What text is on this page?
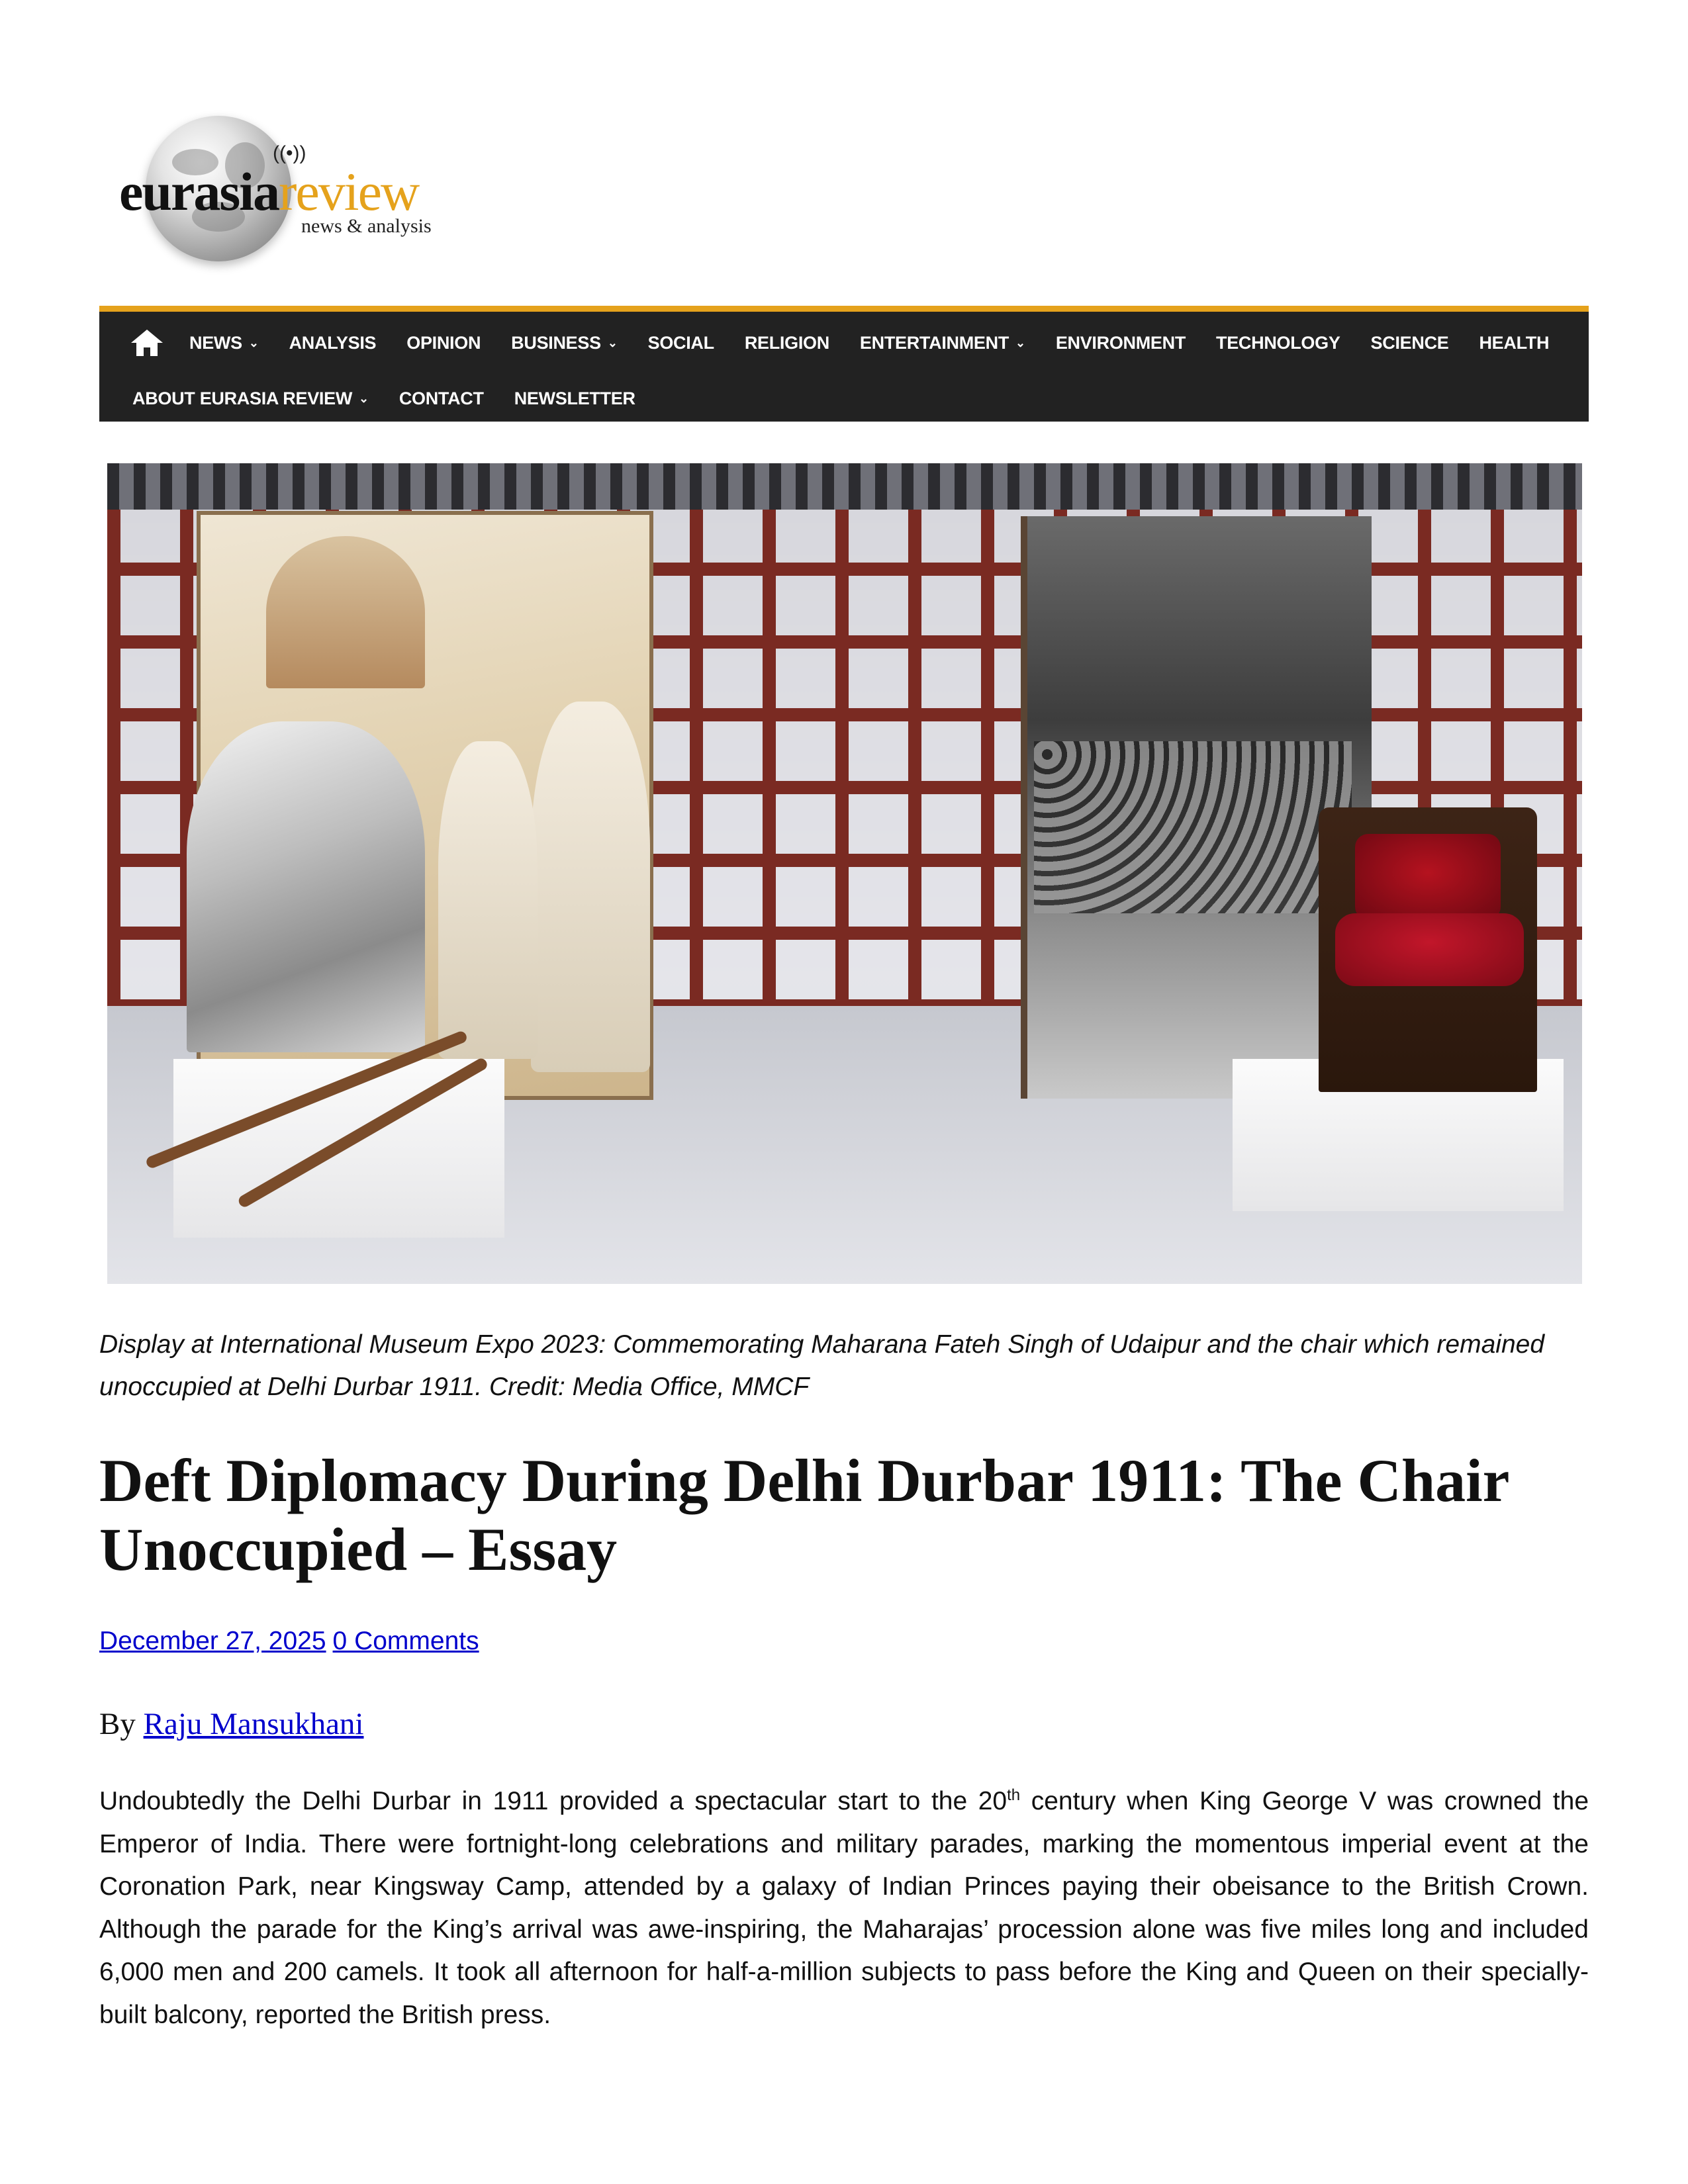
((•))
eurasiareview
news & analysis
NEWS ⌄ ANALYSIS OPINION BUSINESS ⌄ SOCIAL RELIGION ENTERTAINMENT ⌄ ENVIRONMENT TECHNOLOGY SCIENCE HEALTH
ABOUT EURASIA REVIEW ⌄ CONTACT NEWSLETTER
Display at International Museum Expo 2023: Commemorating Maharana Fateh Singh of Udaipur and the chair which remained unoccupied at Delhi Durbar 1911. Credit: Media Office, MMCF
Deft Diplomacy During Delhi Durbar 1911: The Chair Unoccupied – Essay
December 27, 2025 0 Comments
By Raju Mansukhani

Undoubtedly the Delhi Durbar in 1911 provided a spectacular start to the 20th century when King George V was crowned the Emperor of India. There were fortnight-long celebrations and military parades, marking the momentous imperial event at the Coronation Park, near Kingsway Camp, attended by a galaxy of Indian Princes paying their obeisance to the British Crown. Although the parade for the King’s arrival was awe-inspiring, the Maharajas’ procession alone was five miles long and included 6,000 men and 200 camels. It took all afternoon for half-a-million subjects to pass before the King and Queen on their specially-built balcony, reported the British press.
